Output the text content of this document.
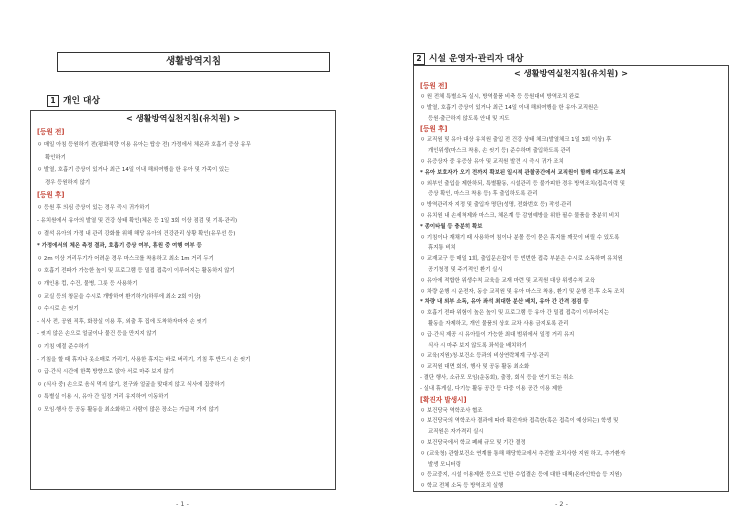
생활방역지침
1 개인 대상
< 생활방역실천지침(유치원) >
[등원 전]
ㅇ 매일 아침 등원하기 전(평화적량 이용 유아는 탑승 전) 가정에서 체온과 호흡기 증상 유무
확인하기
ㅇ 발열, 호흡기 증상이 있거나 최근 14일 이내 해외여행을 한 유아 및 가족이 있는
경우 등원하지 않기
[등원 후]
ㅇ 등원 후 의심 증상이 있는 경우 즉시 귀가하기
- 유치원에서 유아의 발열 및 건강 상태 확인(체온 등 1일 3회 이상 점검 및 기록·관리)
ㅇ 결석 유아의 가정 내 관리 강화를 위해 해당 유아의 건강관리 상황 확인(유무선 등)
* 가정에서의 체온 측정 결과, 호흡기 증상 여부, 휴원 중 여행 여부 등
ㅇ 2m 이상 거리두기가 어려운 경우 마스크를 착용하고 최소 1m 거리 두기
ㅇ 호흡기 전파가 가능한 높이 및 프로그램 등 밀접 접촉이 이루어지는 활동하지 않기
ㅇ 개인용 컵, 수건, 물병, 그릇 등 사용하기
ㅇ 교실 등의 창문을 수시로 개방하여 환기하기(하루에 최소 2회 이상)
ㅇ 수시로 손 씻기
- 식사 전, 공원 직후, 화장실 이용 후, 외출 후 집에 도착하자마자 손 씻기
- 씻지 않은 손으로 얼굴이나 물건 등을 만지지 않기
ㅇ 기침 예절 준수하기
- 기침을 할 때 휴지나 옷소매로 가리기, 사용한 휴지는 바로 버리기, 기침 후 반드시 손 씻기
ㅇ 급·간식 시간에 한쪽 방향으로 앉아 서로 마주 보지 않기
ㅇ (식사 중) 손으로 음식 먹지 않기, 친구와 얼굴을 맞대지 않고 식사에 집중하기
ㅇ 특별실 이용 시, 유아 간 일정 거리 유지하여 이동하기
ㅇ 모임·행사 등 공동 활동을 최소화하고 사람이 많은 장소는 가급적 가지 않기
- 1 -
2 시설 운영자·관리자 대상
< 생활방역실천지침(유치원) >
[등원 전]
ㅇ 원 전체 특별소독 실시, 방역물품 비축 등 등원대비 방역조치 완료
ㅇ 발열, 호흡기 증상이 있거나 최근 14일 이내 해외여행을 한 유아·교직원은
등원·출근하지 않도록 안내 및 지도
[등원 후]
ㅇ 교직원 및 유아 대상 유치원 출입 전 건강 상태 체크(발열체크 1일 3회 이상) 후
개인위생(마스크 착용, 손 씻기 등) 준수하며 출입하도록 관리
ㅇ 유증상자 중 유증상 유아 및 교직원 발견 시 즉시 귀가 조치
* 유아 보호자가 오기 전까지 확보된 일시적 관찰공간에서 교직원이 함께 대기도록 조치
ㅇ 외부인 출입을 제한하되, 특별활동, 시설관리 등 불가피한 경우 방역조치(접촉이력 및
증상 확인, 마스크 착용 등) 후 출입하도록 관리
ㅇ 방역관리자 지정 및 출입자 명단(성명, 전화번호 등) 작성·관리
ㅇ 유치원 내 손세척제와 마스크, 체온계 등 감염예방을 위한 필수 물품을 충분히 비치
* 종이타월 등 충분히 확보
ㅇ 기침이나 재채기 때 사용하여 침이나 분몰 등이 묻은 휴지를 깨끗이 버릴 수 있도록
휴지통 비치
ㅇ 교재교구 등 매일 1회, 출입문손잡이 등 빈번한 접촉 부분은 수시로 소독하며 유치원
공기청정 및 주기적인 환기 실시
ㅇ 유아에 적합한 위생수칙 교육을 교재 마련 및 교직원 대상 위생수칙 교육
ㅇ 차량 운행 시 운전자, 동승 교직원 및 유아 마스크 착용, 환기 및 운행 전·후 소독 조치
* 차량 내 외부 소독, 유아 좌석 최대한 분산 배치, 유아 간 간격 점검 등
ㅇ 호흡기 전파 위험이 높은 높이 및 프로그램 등 유아 간 밀접 접촉이 이루어지는
활동을 자제하고, 개인 물품의 상호 교차 사용 금지토록 관리
ㅇ 급·간식 제공 시 유아들이 가능한 최대 범위에서 일정 거리 유지
식사 시 마주 보지 않도록 좌석을 배치하기
ㅇ 교육(지원)청·보건소 등과의 비상연락체계 구성·관리
ㅇ 교직원 대면 회의, 행사 및 공동 활동 최소화
- 결단 행사, 소규모 모임(운동회), 출장, 회식 등을 연기 또는 취소
- 실내 휴게실, 다기능 활동 공간 등 다중 이용 공간 이용 제한
[확진자 발생시]
ㅇ 보건당국 역학조사 협조
ㅇ 보건당국의 역학조사 결과에 따라 확진자와 접촉한(혹은 접촉이 예상되는) 학생 및
교직원은 자가격리 실시
ㅇ 보건당국에서 학교 폐쇄 규모 및 기간 결정
ㅇ (교육청) 관할보건소 연계를 통해 해당학교에서 추진할 조치사항 지원 하고, 추가환자
발생 모니터링
ㅇ 등교중지, 시설 이용제한 등으로 인한 수업결손 등에 대한 대책(온라인학습 등 지원)
ㅇ 학교 전체 소독 등 방역조치 실행
- 2 -
